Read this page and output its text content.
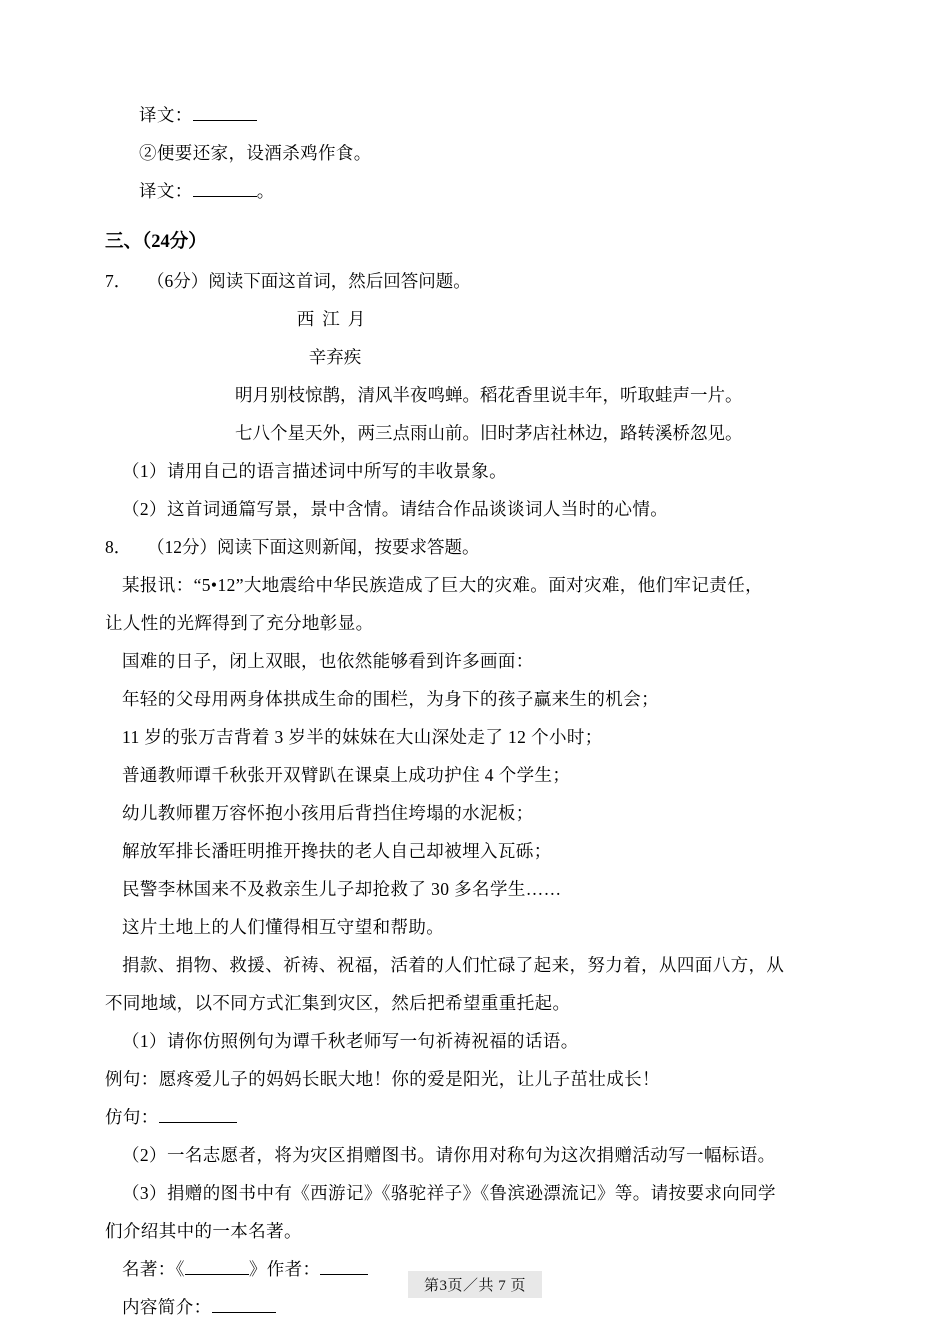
译文：
②便要还家，设酒杀鸡作食。
译文：	。
三、（24分）
7． （6分）阅读下面这首词，然后回答问题。
西江月
辛弃疾
明月别枝惊鹊，清风半夜鸣蝉。稻花香里说丰年，听取蛙声一片。
七八个星天外，两三点雨山前。旧时茅店社林边，路转溪桥忽见。
（1）请用自己的语言描述词中所写的丰收景象。
（2）这首词通篇写景，景中含情。请结合作品谈谈词人当时的心情。
8． （12分）阅读下面这则新闻，按要求答题。
某报讯：“5•12”大地震给中华民族造成了巨大的灾难。面对灾难，他们牢记责任，
让人性的光辉得到了充分地彰显。
国难的日子，闭上双眼，也依然能够看到许多画面：
年轻的父母用两身体拱成生命的围栏，为身下的孩子赢来生的机会；
11 岁的张万吉背着 3 岁半的妹妹在大山深处走了 12 个小时；
普通教师谭千秋张开双臂趴在课桌上成功护住 4 个学生；
幼儿教师瞿万容怀抱小孩用后背挡住垮塌的水泥板；
解放军排长潘旺明推开搀扶的老人自己却被埋入瓦砾；
民警李林国来不及救亲生儿子却抢救了 30 多名学生……
这片土地上的人们懂得相互守望和帮助。
捐款、捐物、救援、祈祷、祝福，活着的人们忙碌了起来，努力着，从四面八方，从
不同地域，以不同方式汇集到灾区，然后把希望重重托起。
（1）请你仿照例句为谭千秋老师写一句祈祷祝福的话语。
例句：愿疼爱儿子的妈妈长眠大地！你的爱是阳光，让儿子茁壮成长！
仿句：
（2）一名志愿者，将为灾区捐赠图书。请你用对称句为这次捐赠活动写一幅标语。
（3）捐赠的图书中有《西游记》《骆驼祥子》《鲁滨逊漂流记》等。请按要求向同学
们介绍其中的一本名著。
名著：《	》作者：
内容简介：
第3页／共 7 页
